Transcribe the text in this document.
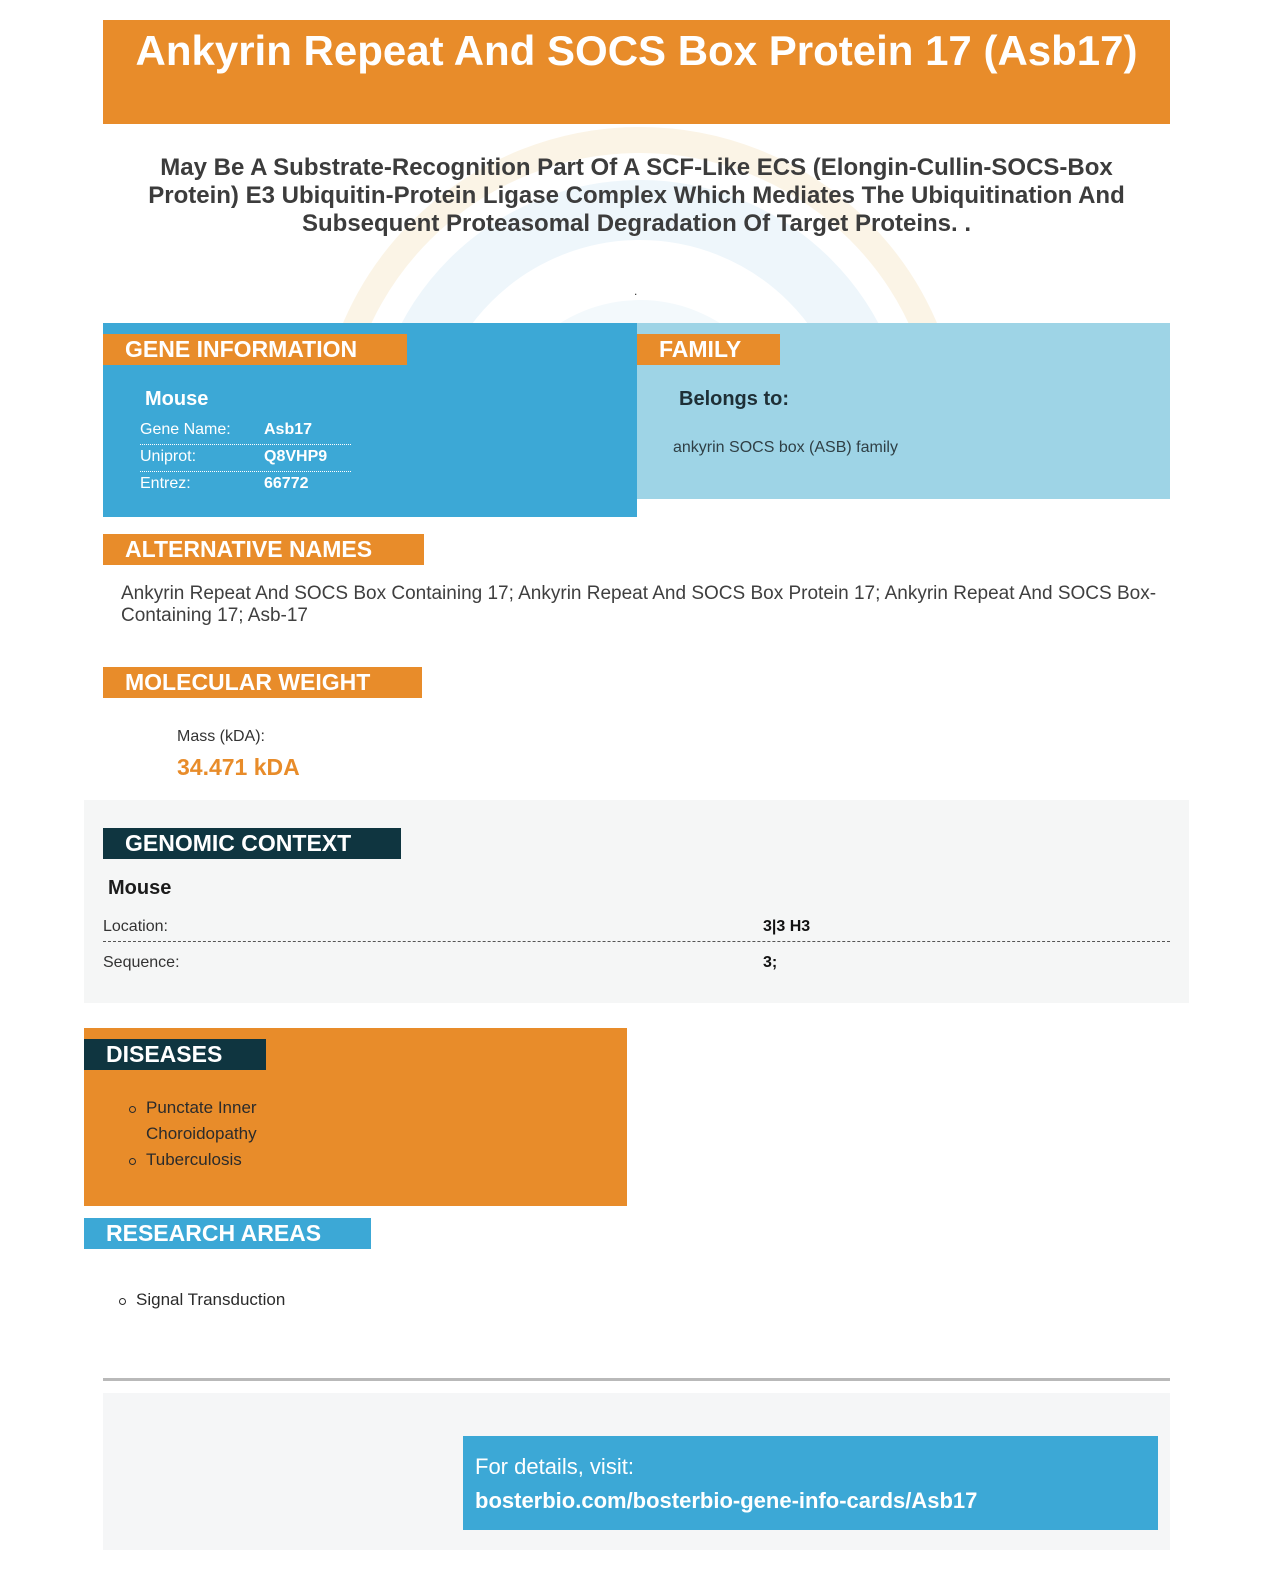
Ankyrin Repeat And SOCS Box Protein 17 (Asb17)
May Be A Substrate-Recognition Part Of A SCF-Like ECS (Elongin-Cullin-SOCS-Box Protein) E3 Ubiquitin-Protein Ligase Complex Which Mediates The Ubiquitination And Subsequent Proteasomal Degradation Of Target Proteins. .
.
GENE INFORMATION
Mouse
Gene Name:	Asb17
Uniprot:	Q8VHP9
Entrez:	66772
FAMILY
Belongs to:
ankyrin SOCS box (ASB) family
ALTERNATIVE NAMES
Ankyrin Repeat And SOCS Box Containing 17; Ankyrin Repeat And SOCS Box Protein 17; Ankyrin Repeat And SOCS Box-Containing 17; Asb-17
MOLECULAR WEIGHT
Mass (kDA):
34.471 kDA
GENOMIC CONTEXT
Mouse
Location:	3|3 H3
Sequence:	3;
DISEASES
Punctate Inner Choroidopathy
Tuberculosis
RESEARCH AREAS
Signal Transduction
For details, visit:
bosterbio.com/bosterbio-gene-info-cards/Asb17
